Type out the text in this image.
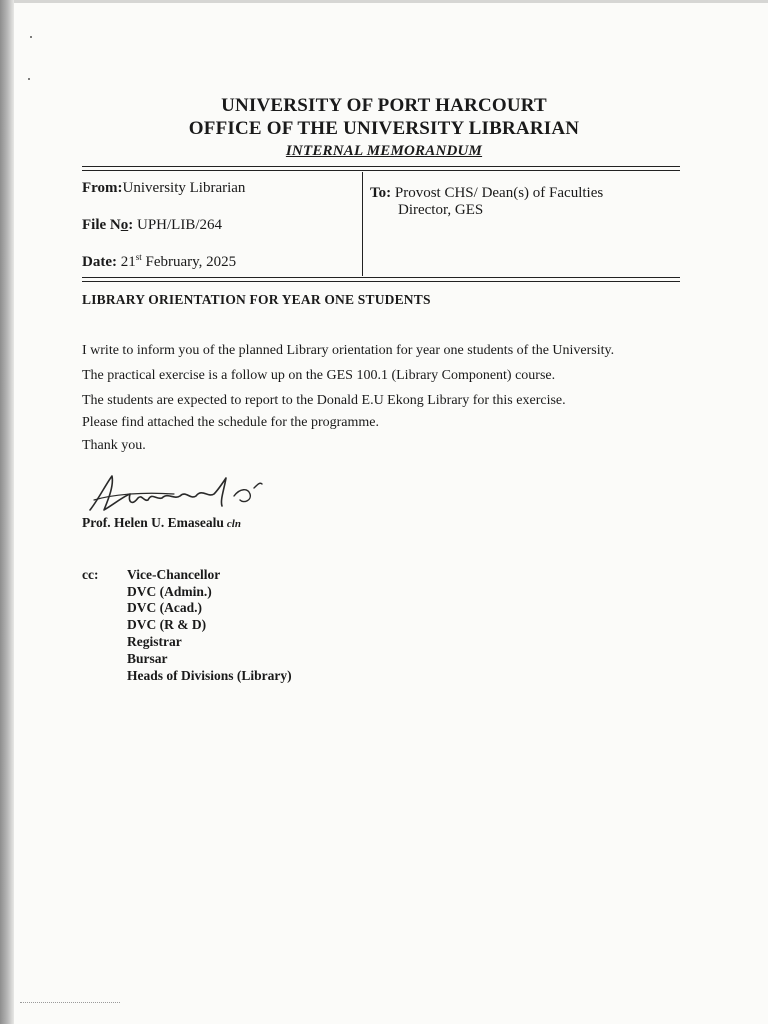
UNIVERSITY OF PORT HARCOURT
OFFICE OF THE UNIVERSITY LIBRARIAN
INTERNAL MEMORANDUM
From:University Librarian
File No: UPH/LIB/264
Date: 21st February, 2025
To: Provost CHS/ Dean(s) of Faculties
Director, GES
LIBRARY ORIENTATION FOR YEAR ONE STUDENTS
I write to inform you of the planned Library orientation for year one students of the University.
The practical exercise is a follow up on the GES 100.1 (Library Component) course.
The students are expected to report to the Donald E.U Ekong Library for this exercise.
Please find attached the schedule for the programme.
Thank you.
Prof. Helen U. Emasealu cln
cc: Vice-Chancellor
DVC (Admin.)
DVC (Acad.)
DVC (R & D)
Registrar
Bursar
Heads of Divisions (Library)
